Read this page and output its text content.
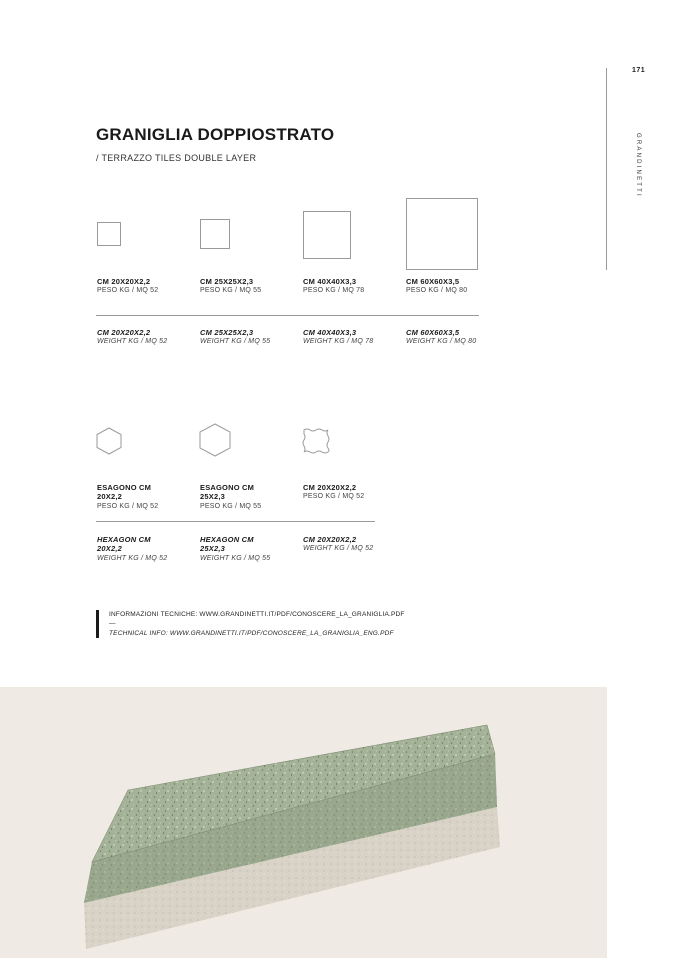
171
GRANDINETTI
GRANIGLIA DOPPIOSTRATO
/ TERRAZZO TILES DOUBLE LAYER
CM 20X20X2,2
PESO KG / MQ 52
CM 25X25X2,3
PESO KG / MQ 55
CM 40X40X3,3
PESO KG / MQ 78
CM 60X60X3,5
PESO KG / MQ 80
CM 20X20X2,2
WEIGHT KG / MQ 52
CM 25X25X2,3
WEIGHT KG / MQ 55
CM 40X40X3,3
WEIGHT KG / MQ 78
CM 60X60X3,5
WEIGHT KG / MQ 80
ESAGONO CM 20X2,2
PESO KG / MQ 52
ESAGONO CM 25X2,3
PESO KG / MQ 55
CM 20X20X2,2
PESO KG / MQ 52
HEXAGON CM 20X2,2
WEIGHT KG / MQ 52
HEXAGON CM 25X2,3
WEIGHT KG / MQ 55
CM 20X20X2,2
WEIGHT KG / MQ 52
INFORMAZIONI TECNICHE: WWW.GRANDINETTI.IT/PDF/CONOSCERE_LA_GRANIGLIA.PDF
—
TECHNICAL INFO: WWW.GRANDINETTI.IT/PDF/CONOSCERE_LA_GRANIGLIA_ENG.PDF
